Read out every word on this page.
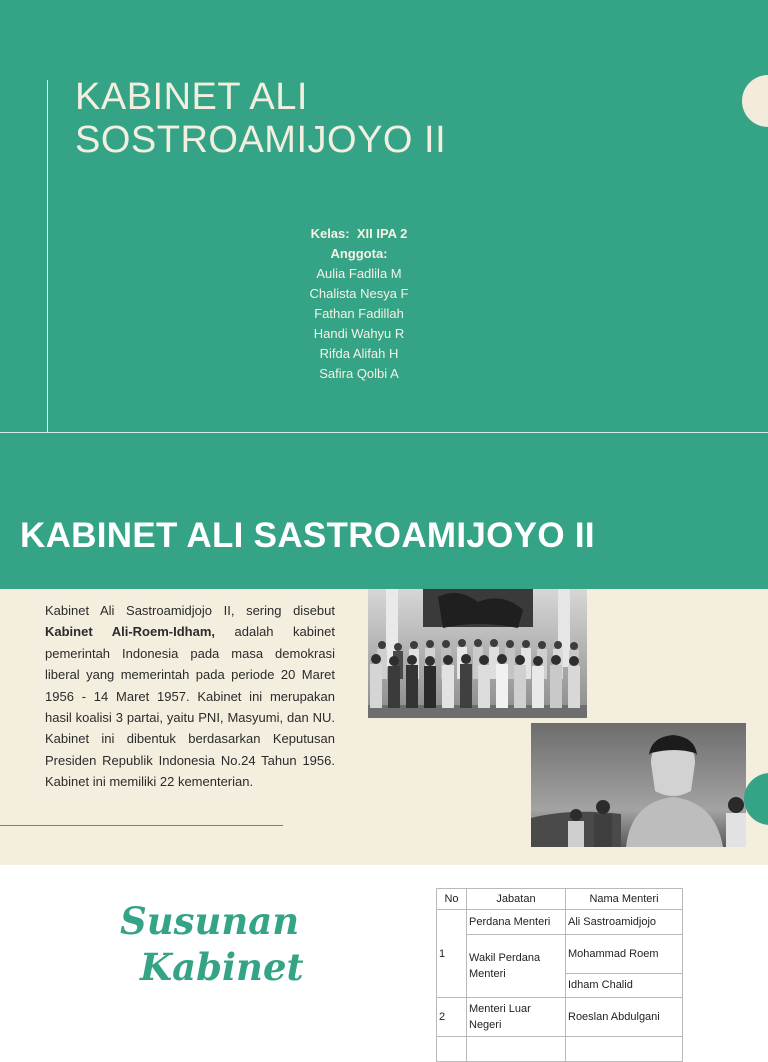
KABINET ALI
SOSTROAMIJOYO II
Kelas: XII IPA 2
Anggota:
Aulia Fadlila M
Chalista Nesya F
Fathan Fadillah
Handi Wahyu R
Rifda Alifah H
Safira Qolbi A
KABINET ALI SASTROAMIJOYO II

Kabinet Ali Sastroamidjojo II, sering disebut Kabinet Ali-Roem-Idham, adalah kabinet pemerintah Indonesia pada masa demokrasi liberal yang memerintah pada periode 20 Maret 1956 - 14 Maret 1957. Kabinet ini merupakan hasil koalisi 3 partai, yaitu PNI, Masyumi, dan NU. Kabinet ini dibentuk berdasarkan Keputusan Presiden Republik Indonesia No.24 Tahun 1956. Kabinet ini memiliki 22 kementerian.

Susunan
Kabinet
No	Jabatan	Nama Menteri
1	Perdana Menteri	Ali Sastroamidjojo
	Wakil Perdana Menteri	Mohammad Roem
		Idham Chalid
2	Menteri Luar Negeri	Roeslan Abdulgani
